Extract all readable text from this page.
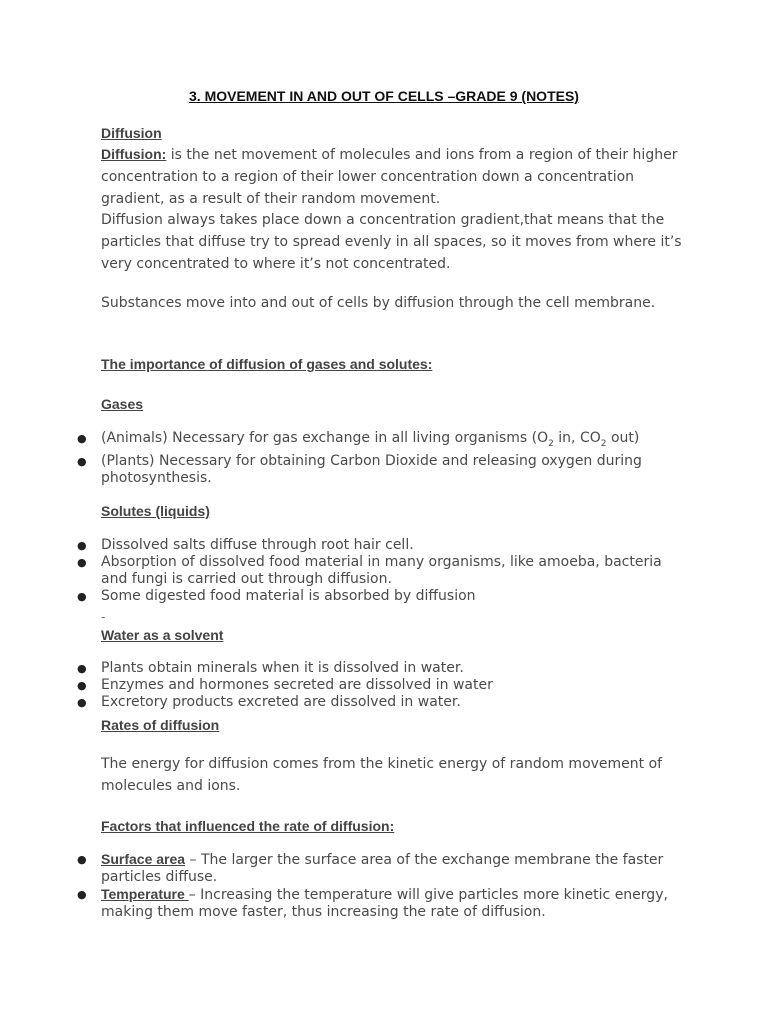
3. MOVEMENT IN AND OUT OF CELLS –GRADE 9 (NOTES)
Diffusion
Diffusion: is the net movement of molecules and ions from a region of their higher concentration to a region of their lower concentration down a concentration gradient, as a result of their random movement.
Diffusion always takes place down a concentration gradient,that means that the particles that diffuse try to spread evenly in all spaces, so it moves from where it’s very concentrated to where it’s not concentrated.
Substances move into and out of cells by diffusion through the cell membrane.
The importance of diffusion of gases and solutes:
Gases
● (Animals) Necessary for gas exchange in all living organisms ($O_2$ in, $CO_2$ out)
● (Plants) Necessary for obtaining Carbon Dioxide and releasing oxygen during photosynthesis.
Solutes (liquids)
● Dissolved salts diffuse through root hair cell.
● Absorption of dissolved food material in many organisms, like amoeba, bacteria and fungi is carried out through diffusion.
● Some digested food material is absorbed by diffusion
-
Water as a solvent
● Plants obtain minerals when it is dissolved in water.
● Enzymes and hormones secreted are dissolved in water
● Excretory products excreted are dissolved in water.
Rates of diffusion
The energy for diffusion comes from the kinetic energy of random movement of molecules and ions.
Factors that influenced the rate of diffusion:
● Surface area – The larger the surface area of the exchange membrane the faster particles diffuse.
● Temperature – Increasing the temperature will give particles more kinetic energy, making them move faster, thus increasing the rate of diffusion.
